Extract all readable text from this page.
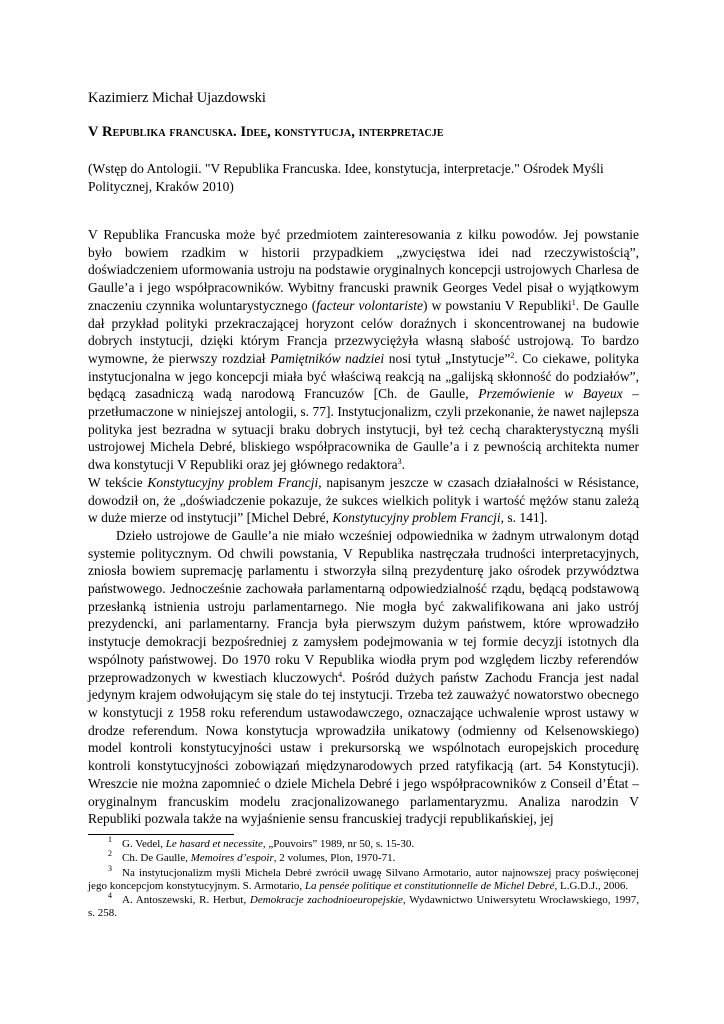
Kazimierz Michał Ujazdowski
V Republika francuska. Idee, konstytucja, interpretacje
(Wstęp do Antologii. "V Republika Francuska. Idee, konstytucja, interpretacje." Ośrodek Myśli Politycznej, Kraków 2010)

V Republika Francuska może być przedmiotem zainteresowania z kilku powodów. Jej powstanie było bowiem rzadkim w historii przypadkiem „zwycięstwa idei nad rzeczywistością”, doświadczeniem uformowania ustroju na podstawie oryginalnych koncepcji ustrojowych Charlesa de Gaulle’a i jego współpracowników. Wybitny francuski prawnik Georges Vedel pisał o wyjątkowym znaczeniu czynnika woluntarystycznego (facteur volontariste) w powstaniu V Republiki$^1$. De Gaulle dał przykład polityki przekraczającej horyzont celów doraźnych i skoncentrowanej na budowie dobrych instytucji, dzięki którym Francja przezwyciężyła własną słabość ustrojową. To bardzo wymowne, że pierwszy rozdział Pamiętników nadziei nosi tytuł „Instytucje”$^2$. Co ciekawe, polityka instytucjonalna w jego koncepcji miała być właściwą reakcją na „galijską skłonność do podziałów”, będącą zasadniczą wadą narodową Francuzów [Ch. de Gaulle, Przemówienie w Bayeux – przetłumaczone w niniejszej antologii, s. 77]. Instytucjonalizm, czyli przekonanie, że nawet najlepsza polityka jest bezradna w sytuacji braku dobrych instytucji, był też cechą charakterystyczną myśli ustrojowej Michela Debré, bliskiego współpracownika de Gaulle’a i z pewnością architekta numer dwa konstytucji V Republiki oraz jej głównego redaktora$^3$.

W tekście Konstytucyjny problem Francji, napisanym jeszcze w czasach działalności w Résistance, dowodził on, że „doświadczenie pokazuje, że sukces wielkich polityk i wartość mężów stanu zależą w duże mierze od instytucji” [Michel Debré, Konstytucyjny problem Francji, s. 141].

Dzieło ustrojowe de Gaulle’a nie miało wcześniej odpowiednika w żadnym utrwalonym dotąd systemie politycznym. Od chwili powstania, V Republika nastręczała trudności interpretacyjnych, zniosła bowiem supremację parlamentu i stworzyła silną prezydenturę jako ośrodek przywództwa państwowego. Jednocześnie zachowała parlamentarną odpowiedzialność rządu, będącą podstawową przesłanką istnienia ustroju parlamentarnego. Nie mogła być zakwalifikowana ani jako ustrój prezydencki, ani parlamentarny. Francja była pierwszym dużym państwem, które wprowadziło instytucje demokracji bezpośredniej z zamysłem podejmowania w tej formie decyzji istotnych dla wspólnoty państwowej. Do 1970 roku V Republika wiodła prym pod względem liczby referendów przeprowadzonych w kwestiach kluczowych$^4$. Pośród dużych państw Zachodu Francja jest nadal jedynym krajem odwołującym się stale do tej instytucji. Trzeba też zauważyć nowatorstwo obecnego w konstytucji z 1958 roku referendum ustawodawczego, oznaczające uchwalenie wprost ustawy w drodze referendum. Nowa konstytucja wprowadziła unikatowy (odmienny od Kelsenowskiego) model kontroli konstytucyjności ustaw i prekursorską we wspólnotach europejskich procedurę kontroli konstytucyjności zobowiązań międzynarodowych przed ratyfikacją (art. 54 Konstytucji). Wreszcie nie można zapomnieć o dziele Michela Debré i jego współpracowników z Conseil d’État – oryginalnym francuskim modelu zracjonalizowanego parlamentaryzmu. Analiza narodzin V Republiki pozwala także na wyjaśnienie sensu francuskiej tradycji republikańskiej, jej

$^1$ G. Vedel, Le hasard et necessite, „Pouvoirs” 1989, nr 50, s. 15-30.

$^2$ Ch. De Gaulle, Memoires d’espoir, 2 volumes, Plon, 1970-71.

$^3$ Na instytucjonalizm myśli Michela Debré zwrócił uwagę Silvano Armotario, autor najnowszej pracy poświęconej jego koncepcjom konstytucyjnym. S. Armotario, La pensée politique et constitutionnelle de Michel Debré, L.G.D.J., 2006.

$^4$ A. Antoszewski, R. Herbut, Demokracje zachodnioeuropejskie, Wydawnictwo Uniwersytetu Wrocławskiego, 1997, s. 258.
